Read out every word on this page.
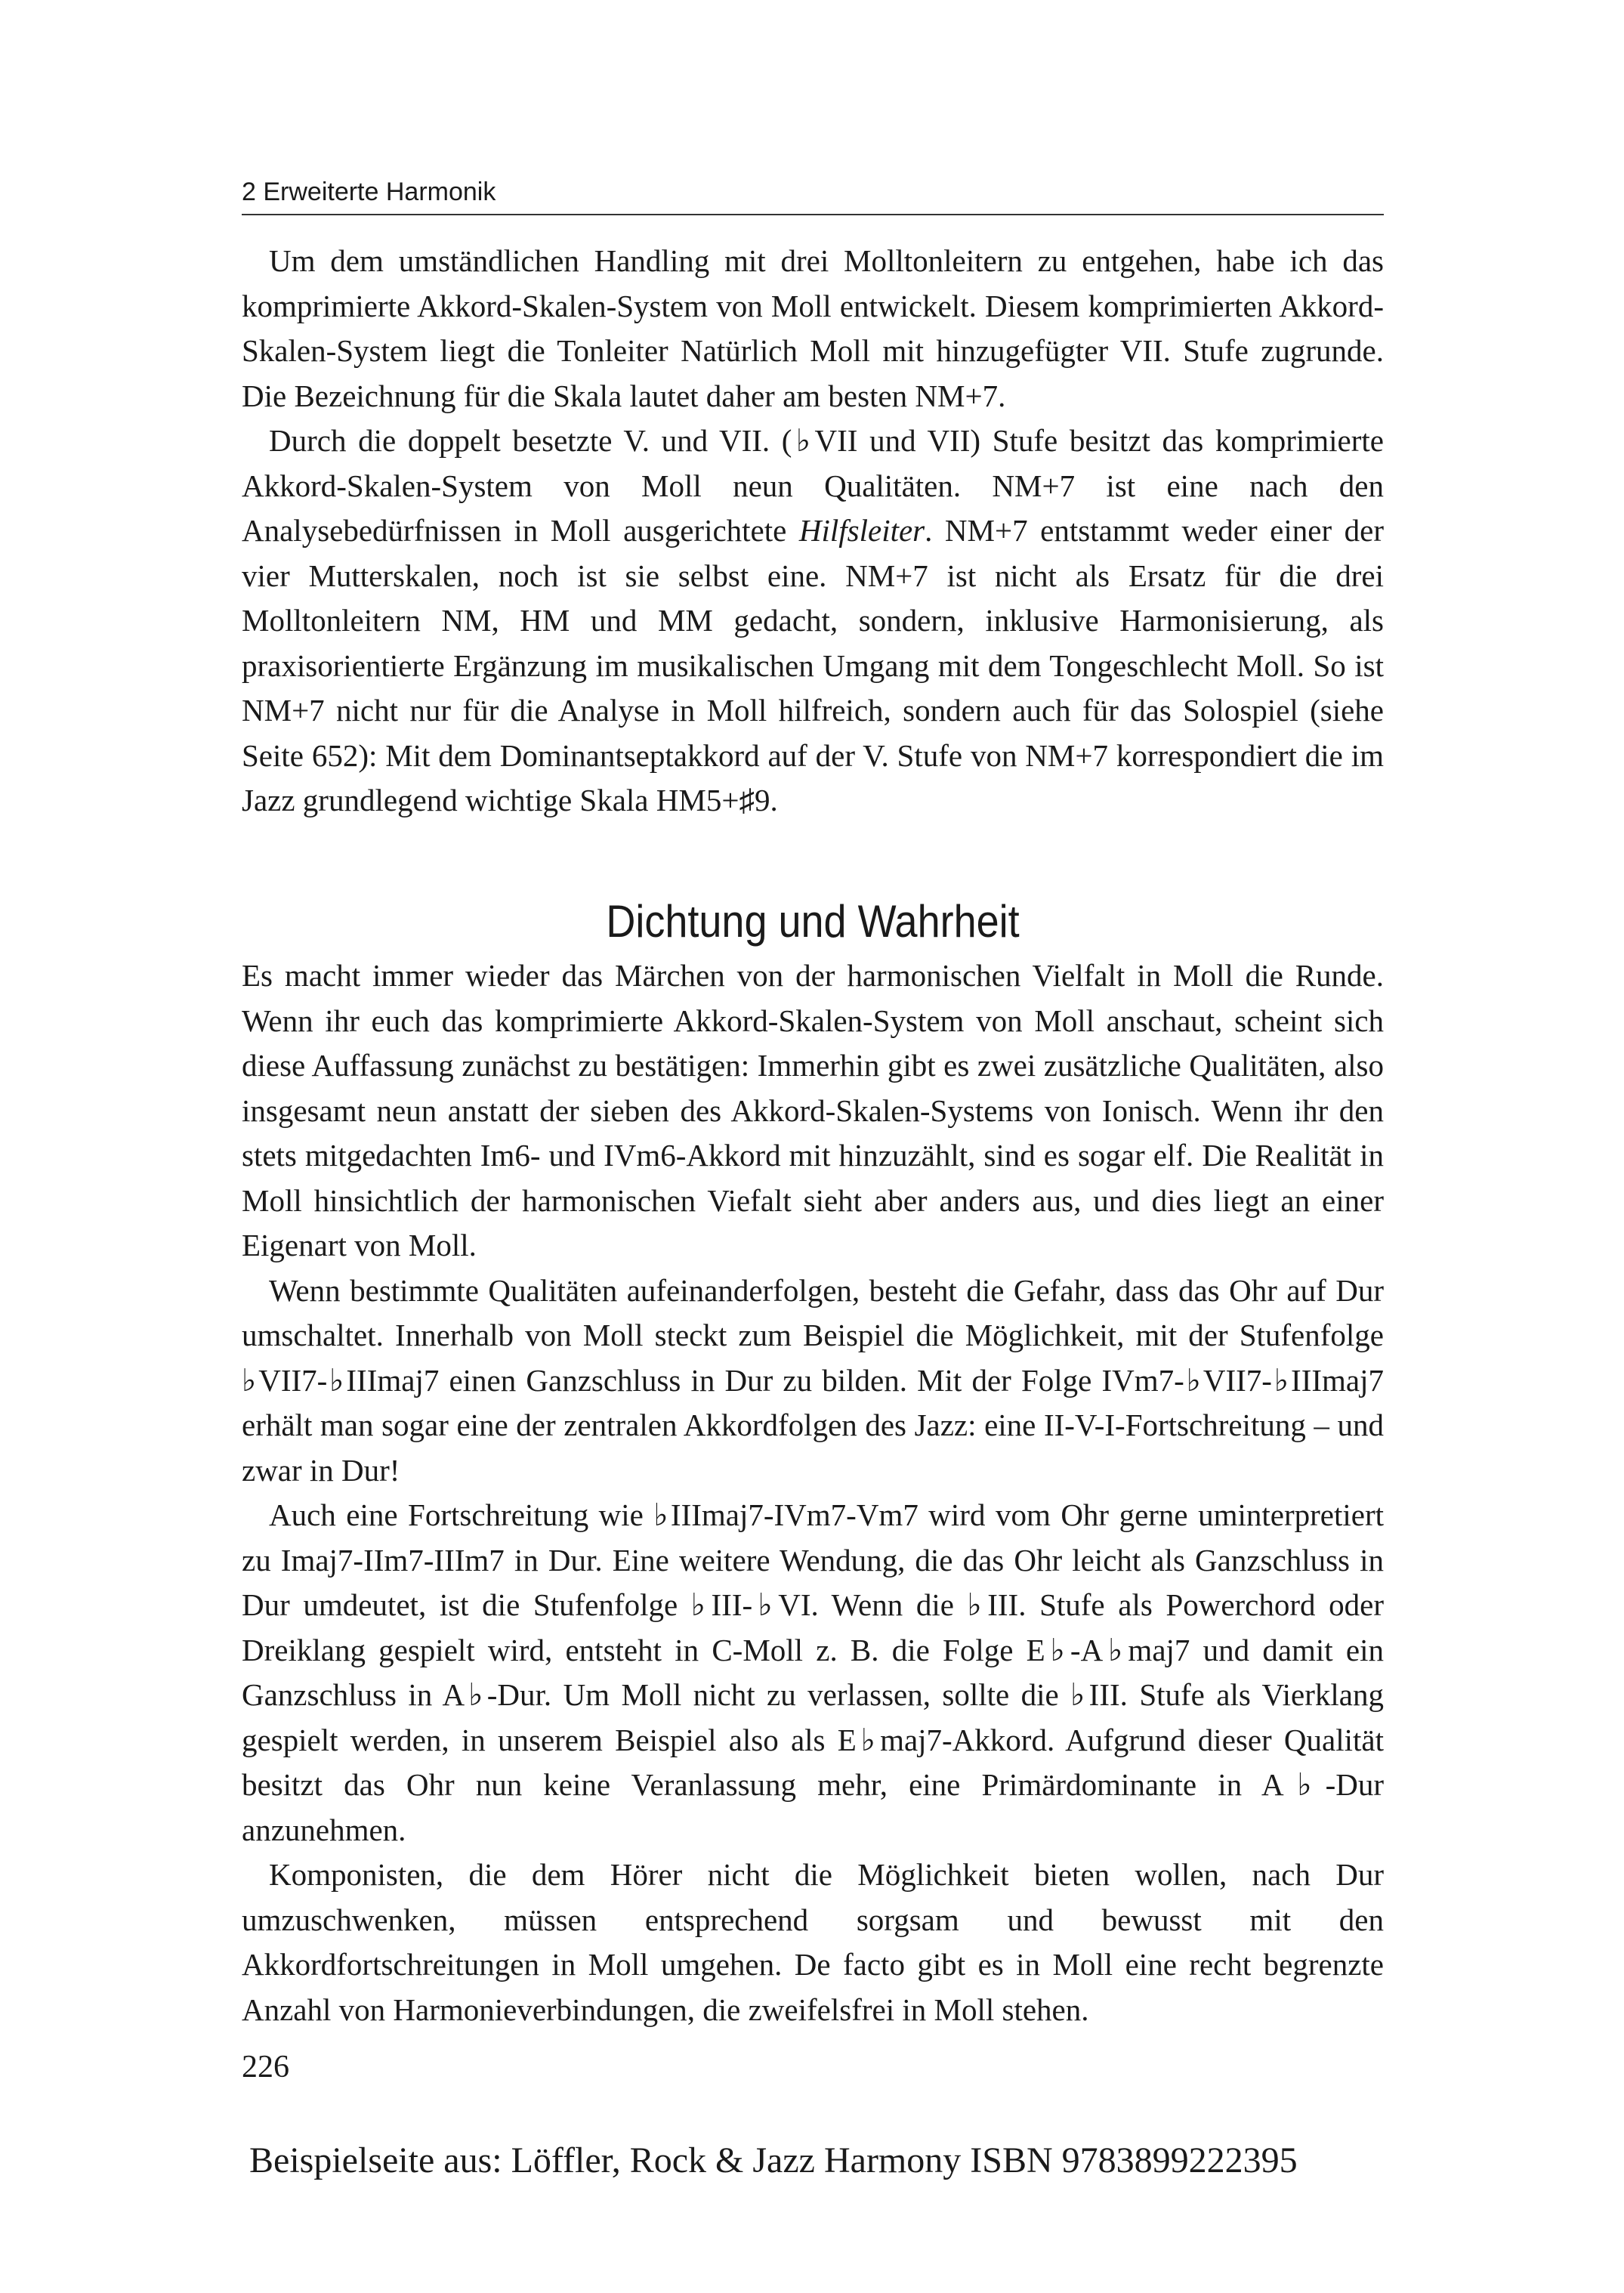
2 Erweiterte Harmonik

Um dem umständlichen Handling mit drei Molltonleitern zu entgehen, habe ich das komprimierte Akkord-Skalen-System von Moll entwickelt. Diesem komprimierten Akkord-Skalen-System liegt die Tonleiter Natürlich Moll mit hinzugefügter VII. Stufe zugrunde. Die Bezeichnung für die Skala lautet daher am besten NM+7.

Durch die doppelt besetzte V. und VII. (♭VII und VII) Stufe besitzt das komprimierte Akkord-Skalen-System von Moll neun Qualitäten. NM+7 ist eine nach den Analysebedürfnissen in Moll ausgerichtete Hilfsleiter. NM+7 entstammt weder einer der vier Mutterskalen, noch ist sie selbst eine. NM+7 ist nicht als Ersatz für die drei Molltonleitern NM, HM und MM gedacht, sondern, inklusive Harmonisierung, als praxisorientierte Ergänzung im musikalischen Umgang mit dem Tongeschlecht Moll. So ist NM+7 nicht nur für die Analyse in Moll hilfreich, sondern auch für das Solospiel (siehe Seite 652): Mit dem Dominantseptakkord auf der V. Stufe von NM+7 korrespondiert die im Jazz grundlegend wichtige Skala HM5+♯9.

Dichtung und Wahrheit

Es macht immer wieder das Märchen von der harmonischen Vielfalt in Moll die Runde. Wenn ihr euch das komprimierte Akkord-Skalen-System von Moll anschaut, scheint sich diese Auffassung zunächst zu bestätigen: Immerhin gibt es zwei zusätzliche Qualitäten, also insgesamt neun anstatt der sieben des Akkord-Skalen-Systems von Ionisch. Wenn ihr den stets mitgedachten Im6- und IVm6-Akkord mit hinzuzählt, sind es sogar elf. Die Realität in Moll hinsichtlich der harmonischen Viefalt sieht aber anders aus, und dies liegt an einer Eigenart von Moll.

Wenn bestimmte Qualitäten aufeinanderfolgen, besteht die Gefahr, dass das Ohr auf Dur umschaltet. Innerhalb von Moll steckt zum Beispiel die Möglichkeit, mit der Stufenfolge ♭VII7-♭IIImaj7 einen Ganzschluss in Dur zu bilden. Mit der Folge IVm7-♭VII7-♭IIImaj7 erhält man sogar eine der zentralen Akkordfolgen des Jazz: eine II-V-I-Fortschreitung – und zwar in Dur!

Auch eine Fortschreitung wie ♭IIImaj7-IVm7-Vm7 wird vom Ohr gerne uminterpretiert zu Imaj7-IIm7-IIIm7 in Dur. Eine weitere Wendung, die das Ohr leicht als Ganzschluss in Dur umdeutet, ist die Stufenfolge ♭III-♭VI. Wenn die ♭III. Stufe als Powerchord oder Dreiklang gespielt wird, entsteht in C-Moll z. B. die Folge E♭-A♭maj7 und damit ein Ganzschluss in A♭-Dur. Um Moll nicht zu verlassen, sollte die ♭III. Stufe als Vierklang gespielt werden, in unserem Beispiel also als E♭maj7-Akkord. Aufgrund dieser Qualität besitzt das Ohr nun keine Veranlassung mehr, eine Primärdominante in A♭-Dur anzunehmen.

Komponisten, die dem Hörer nicht die Möglichkeit bieten wollen, nach Dur umzuschwenken, müssen entsprechend sorgsam und bewusst mit den Akkordfortschreitungen in Moll umgehen. De facto gibt es in Moll eine recht begrenzte Anzahl von Harmonieverbindungen, die zweifelsfrei in Moll stehen.

226
Beispielseite aus: Löffler, Rock & Jazz Harmony ISBN 9783899222395
